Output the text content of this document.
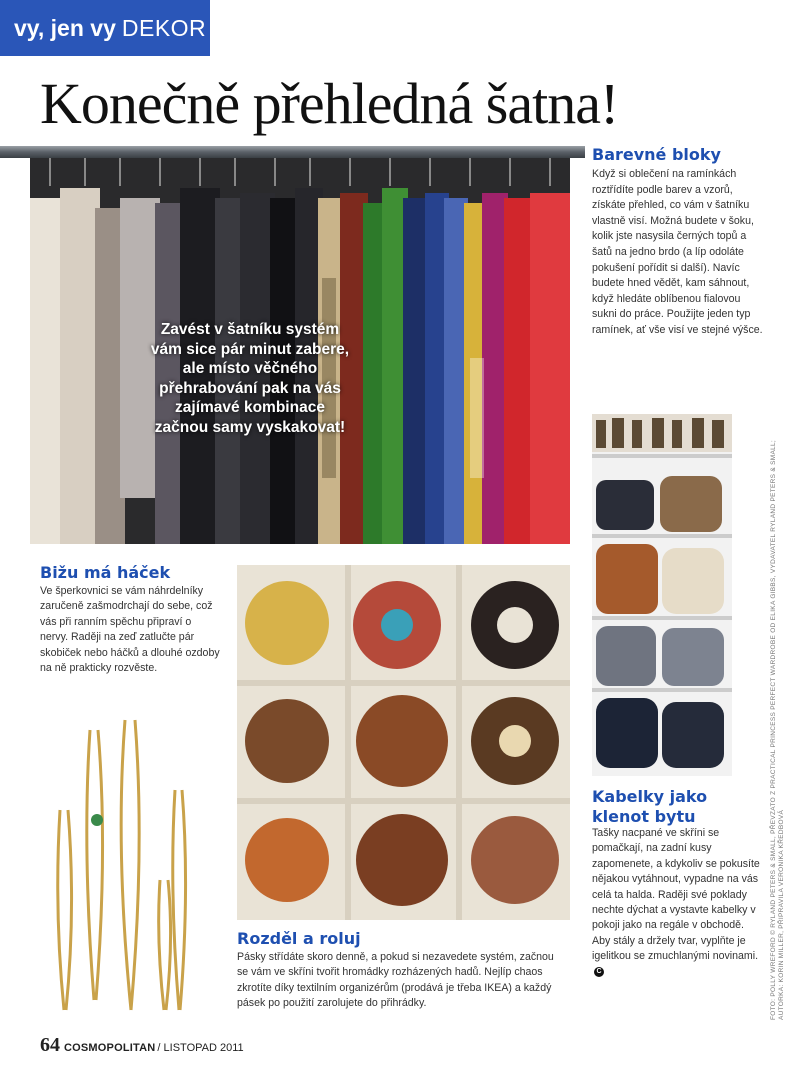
vy, jen vy DEKOR
Konečně přehledná šatna!
Zavést v šatníku systém vám sice pár minut zabere, ale místo věčného přehrabování pak na vás zajímavé kombinace začnou samy vyskakovat!
Barevné bloky
Když si oblečení na ramínkách roztřídíte podle barev a vzorů, získáte přehled, co vám v šatníku vlastně visí. Možná budete v šoku, kolik jste nasysila černých topů a šatů na jedno brdo (a líp odoláte pokušení pořídit si další). Navíc budete hned vědět, kam sáhnout, když hledáte oblíbenou fialovou sukni do práce. Použijte jeden typ ramínek, ať vše visí ve stejné výšce.
Kabelky jako klenot bytu
Tašky nacpané ve skříni se pomačkají, na zadní kusy zapomenete, a kdykoliv se pokusíte nějakou vytáhnout, vypadne na vás celá ta halda. Raději své poklady nechte dýchat a vystavte kabelky v pokoji jako na regále v obchodě. Aby stály a držely tvar, vyplňte je igelitkou se zmuchlanými novinami.C
Bižu má háček
Ve šperkovnici se vám náhrdelníky zaručeně zašmodrchají do sebe, což vás při ranním spěchu připraví o nervy. Raději na zeď zatlučte pár skobiček nebo háčků a dlouhé ozdoby na ně prakticky rozvěste.
Rozděl a roluj
Pásky střídáte skoro denně, a pokud si nezavedete systém, začnou se vám ve skříni tvořit hromádky rozházených hadů. Nejlíp chaos zkrotíte díky textilním organizérům (prodává je třeba IKEA) a každý pásek po použití zarolujete do přihrádky.	FOTO: POLLY WREFORD © RYLAND PETERS & SMALL, PŘEVZATO Z PRACTICAL PRINCESS PERFECT WARDROBE OD ELIKA GIBBS, VYDAVATEL RYLAND PETERS & SMALL; AUTORKA: KORIN MILLER, PŘIPRAVILA VERONIKA KŘEDBOVÁ
64 COSMOPOLITAN / LISTOPAD 2011
